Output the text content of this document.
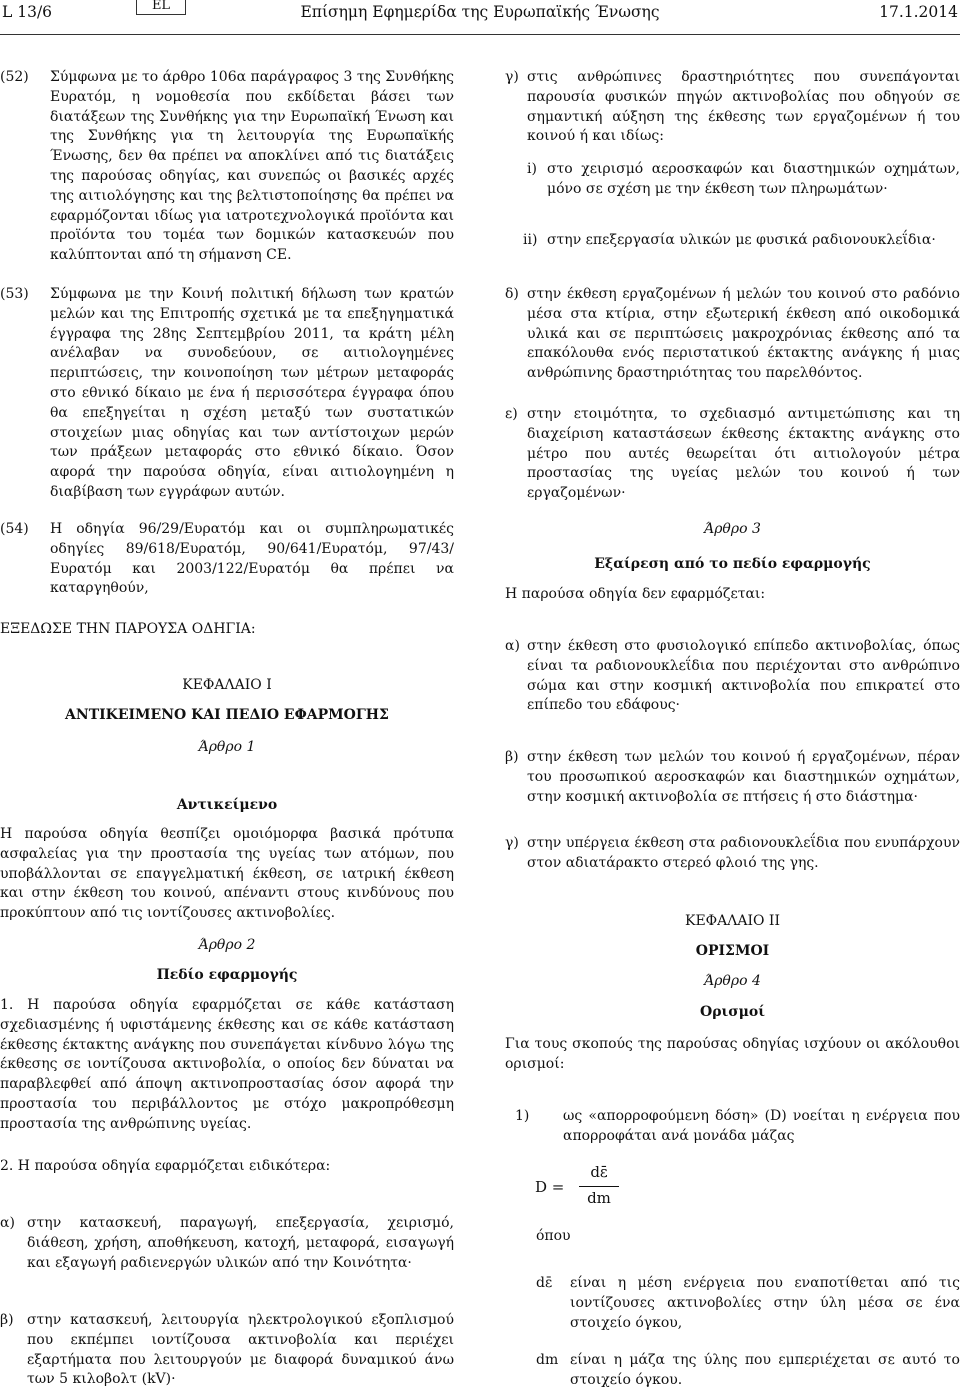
L 13/6	EL	Επίσημη Εφημερίδα της Ευρωπαϊκής Ένωσης	17.1.2014
(52) Σύμφωνα με το άρθρο 106α παράγραφος 3 της Συνθήκης Ευρατόμ, η νομοθεσία που εκδίδεται βάσει των διατάξεων της Συνθήκης για την Ευρωπαϊκή Ένωση και της Συνθήκης για τη λειτουργία της Ευρωπαϊκής Ένωσης, δεν θα πρέπει να αποκλίνει από τις διατάξεις της παρούσας οδηγίας, και συνεπώς οι βασικές αρχές της αιτιολόγησης και της βελτιστοποίησης θα πρέπει να εφαρμόζονται ιδίως για ιατροτεχνολογικά προϊόντα και προϊόντα του τομέα των δομικών κατασκευών που καλύπτονται από τη σήμανση CE.
(53) Σύμφωνα με την Κοινή πολιτική δήλωση των κρατών μελών και της Επιτροπής σχετικά με τα επεξηγηματικά έγγραφα της 28ης Σεπτεμβρίου 2011, τα κράτη μέλη ανέλαβαν να συνοδεύουν, σε αιτιολογημένες περιπτώσεις, την κοινοποίηση των μέτρων μεταφοράς στο εθνικό δίκαιο με ένα ή περισσότερα έγγραφα όπου θα επεξηγείται η σχέση μεταξύ των συστατικών στοιχείων μιας οδηγίας και των αντίστοιχων μερών των πράξεων μεταφοράς στο εθνικό δίκαιο. Όσον αφορά την παρούσα οδηγία, είναι αιτιολογημένη η διαβίβαση των εγγράφων αυτών.
(54) Η οδηγία 96/29/Ευρατόμ και οι συμπληρωματικές οδηγίες 89/618/Ευρατόμ, 90/641/Ευρατόμ, 97/43/Ευρατόμ και 2003/122/Ευρατόμ θα πρέπει να καταργηθούν,
ΕΞΕΔΩΣΕ ΤΗΝ ΠΑΡΟΥΣΑ ΟΔΗΓΙΑ:
ΚΕΦΑΛΑΙΟ I
ΑΝΤΙΚΕΙΜΕΝΟ ΚΑΙ ΠΕΔΙΟ ΕΦΑΡΜΟΓΗΣ
Άρθρο 1
Αντικείμενο
Η παρούσα οδηγία θεσπίζει ομοιόμορφα βασικά πρότυπα ασφαλείας για την προστασία της υγείας των ατόμων, που υποβάλλονται σε επαγγελματική έκθεση, σε ιατρική έκθεση και στην έκθεση του κοινού, απέναντι στους κινδύνους που προκύπτουν από τις ιοντίζουσες ακτινοβολίες.
Άρθρο 2
Πεδίο εφαρμογής
1. Η παρούσα οδηγία εφαρμόζεται σε κάθε κατάσταση σχεδιασμένης ή υφιστάμενης έκθεσης και σε κάθε κατάσταση έκθεσης έκτακτης ανάγκης που συνεπάγεται κίνδυνο λόγω της έκθεσης σε ιοντίζουσα ακτινοβολία, ο οποίος δεν δύναται να παραβλεφθεί από άποψη ακτινοπροστασίας όσον αφορά την προστασία του περιβάλλοντος με στόχο μακροπρόθεσμη προστασία της ανθρώπινης υγείας.
2. Η παρούσα οδηγία εφαρμόζεται ειδικότερα:
α) στην κατασκευή, παραγωγή, επεξεργασία, χειρισμό, διάθεση, χρήση, αποθήκευση, κατοχή, μεταφορά, εισαγωγή και εξαγωγή ραδιενεργών υλικών από την Κοινότητα·
β) στην κατασκευή, λειτουργία ηλεκτρολογικού εξοπλισμού που εκπέμπει ιοντίζουσα ακτινοβολία και περιέχει εξαρτήματα που λειτουργούν με διαφορά δυναμικού άνω των 5 κιλοβολτ (kV)·
γ) στις ανθρώπινες δραστηριότητες που συνεπάγονται παρουσία φυσικών πηγών ακτινοβολίας που οδηγούν σε σημαντική αύξηση της έκθεσης των εργαζομένων ή του κοινού ή και ιδίως:
i) στο χειρισμό αεροσκαφών και διαστημικών οχημάτων, μόνο σε σχέση με την έκθεση των πληρωμάτων·
ii) στην επεξεργασία υλικών με φυσικά ραδιονουκλεΐδια·
δ) στην έκθεση εργαζομένων ή μελών του κοινού στο ραδόνιο μέσα στα κτίρια, στην εξωτερική έκθεση από οικοδομικά υλικά και σε περιπτώσεις μακροχρόνιας έκθεσης από τα επακόλουθα ενός περιστατικού έκτακτης ανάγκης ή μιας ανθρώπινης δραστηριότητας του παρελθόντος.
ε) στην ετοιμότητα, το σχεδιασμό αντιμετώπισης και τη διαχείριση καταστάσεων έκθεσης έκτακτης ανάγκης στο μέτρο που αυτές θεωρείται ότι αιτιολογούν μέτρα προστασίας της υγείας μελών του κοινού ή των εργαζομένων·
Άρθρο 3
Εξαίρεση από το πεδίο εφαρμογής
Η παρούσα οδηγία δεν εφαρμόζεται:
α) στην έκθεση στο φυσιολογικό επίπεδο ακτινοβολίας, όπως είναι τα ραδιονουκλεΐδια που περιέχονται στο ανθρώπινο σώμα και στην κοσμική ακτινοβολία που επικρατεί στο επίπεδο του εδάφους·
β) στην έκθεση των μελών του κοινού ή εργαζομένων, πέραν του προσωπικού αεροσκαφών και διαστημικών οχημάτων, στην κοσμική ακτινοβολία σε πτήσεις ή στο διάστημα·
γ) στην υπέργεια έκθεση στα ραδιονουκλεΐδια που ενυπάρχουν στον αδιατάρακτο στερεό φλοιό της γης.
ΚΕΦΑΛΑΙΟ II
ΟΡΙΣΜΟΙ
Άρθρο 4
Ορισμοί
Για τους σκοπούς της παρούσας οδηγίας ισχύουν οι ακόλουθοι ορισμοί:
1) ως «απορροφούμενη δόση» (D) νοείται η ενέργεια που απορροφάται ανά μονάδα μάζας
D =
dε̄
dm
όπου
dε̄ είναι η μέση ενέργεια που εναποτίθεται από τις ιοντίζουσες ακτινοβολίες στην ύλη μέσα σε ένα στοιχείο όγκου,
dm είναι η μάζα της ύλης που εμπεριέχεται σε αυτό το στοιχείο όγκου.
